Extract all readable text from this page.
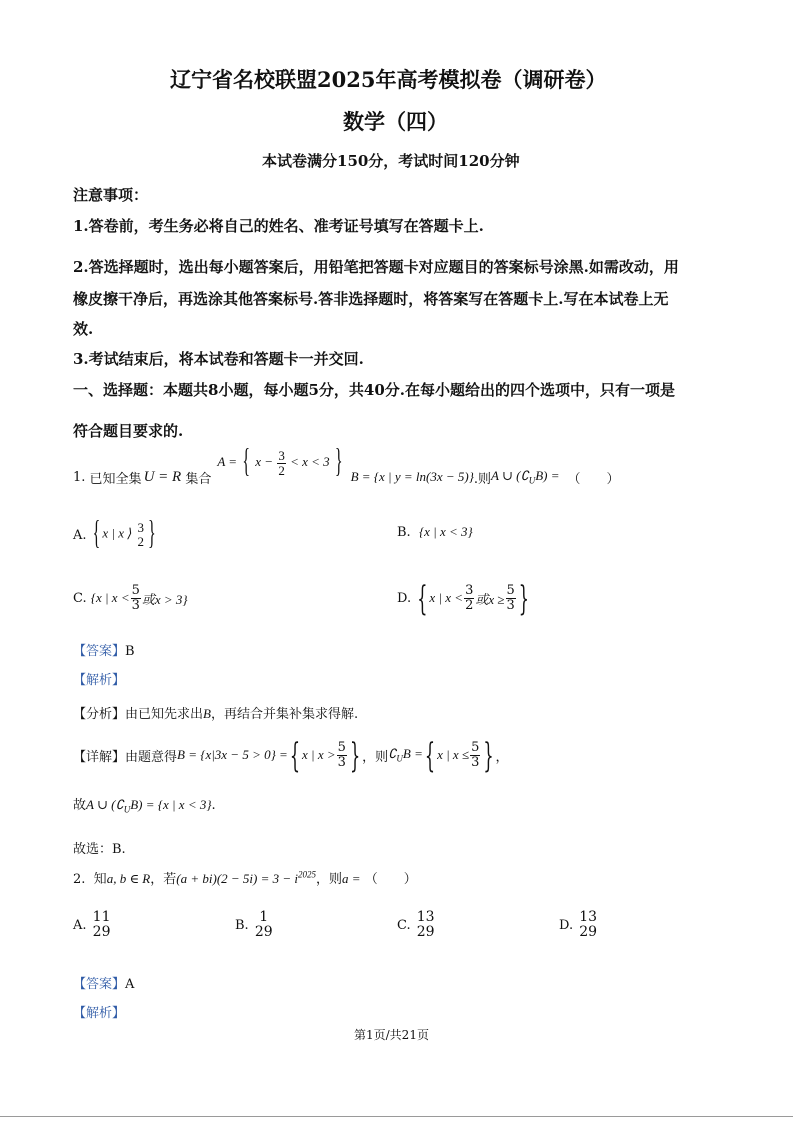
辽宁省名校联盟2025年高考模拟卷（调研卷）
数学（四）
本试卷满分150分，考试时间120分钟
注意事项：
1.答卷前，考生务必将自己的姓名、准考证号填写在答题卡上.
2.答选择题时，选出每小题答案后，用铅笔把答题卡对应题目的答案标号涂黑.如需改动，用
橡皮擦干净后，再选涂其他答案标号.答非选择题时，将答案写在答题卡上.写在本试卷上无
效.
3.考试结束后，将本试卷和答题卡一并交回.
一、选择题：本题共8小题，每小题5分，共40分.在每小题给出的四个选项中，只有一项是
符合题目要求的.
1.
已知全集 U = R
集合
A = { $x - \frac{3}{2} < x < 3$ } B = {x | y = ln(3x − 5)} .则 A ∪ $(∁_UB)$ = （　　）
A.
{ x | x ⟩ 3
2 }	B. {x | x < 3}
C.
{x | $x < \frac{5}{3}$ 或x > 3}	D.
{ x | $x < \frac{3}{2}$ 或$x \ge \frac{5}{3}$ }
【答案】B
【解析】
【分析】由已知先求出B，再结合并集补集求得解.
【详解】 由题意得 B = {x|3x − 5 > 0} = { x | $x > \frac{5}{3}$ } ，则 $∁_UB$ = { x | $x \le \frac{5}{3}$ } ，
故A ∪ $(∁_UB) = \{x$ | x < 3}.
故选：B.
2. 知a, b ∈ R，若$(a + bi)(2 - 5i) = 3 - i^{2025}$，则a = （　　）
A.
11
29	B.
1
29	C.
13
29	D.
13
29
【答案】A
【解析】
第1页/共21页
